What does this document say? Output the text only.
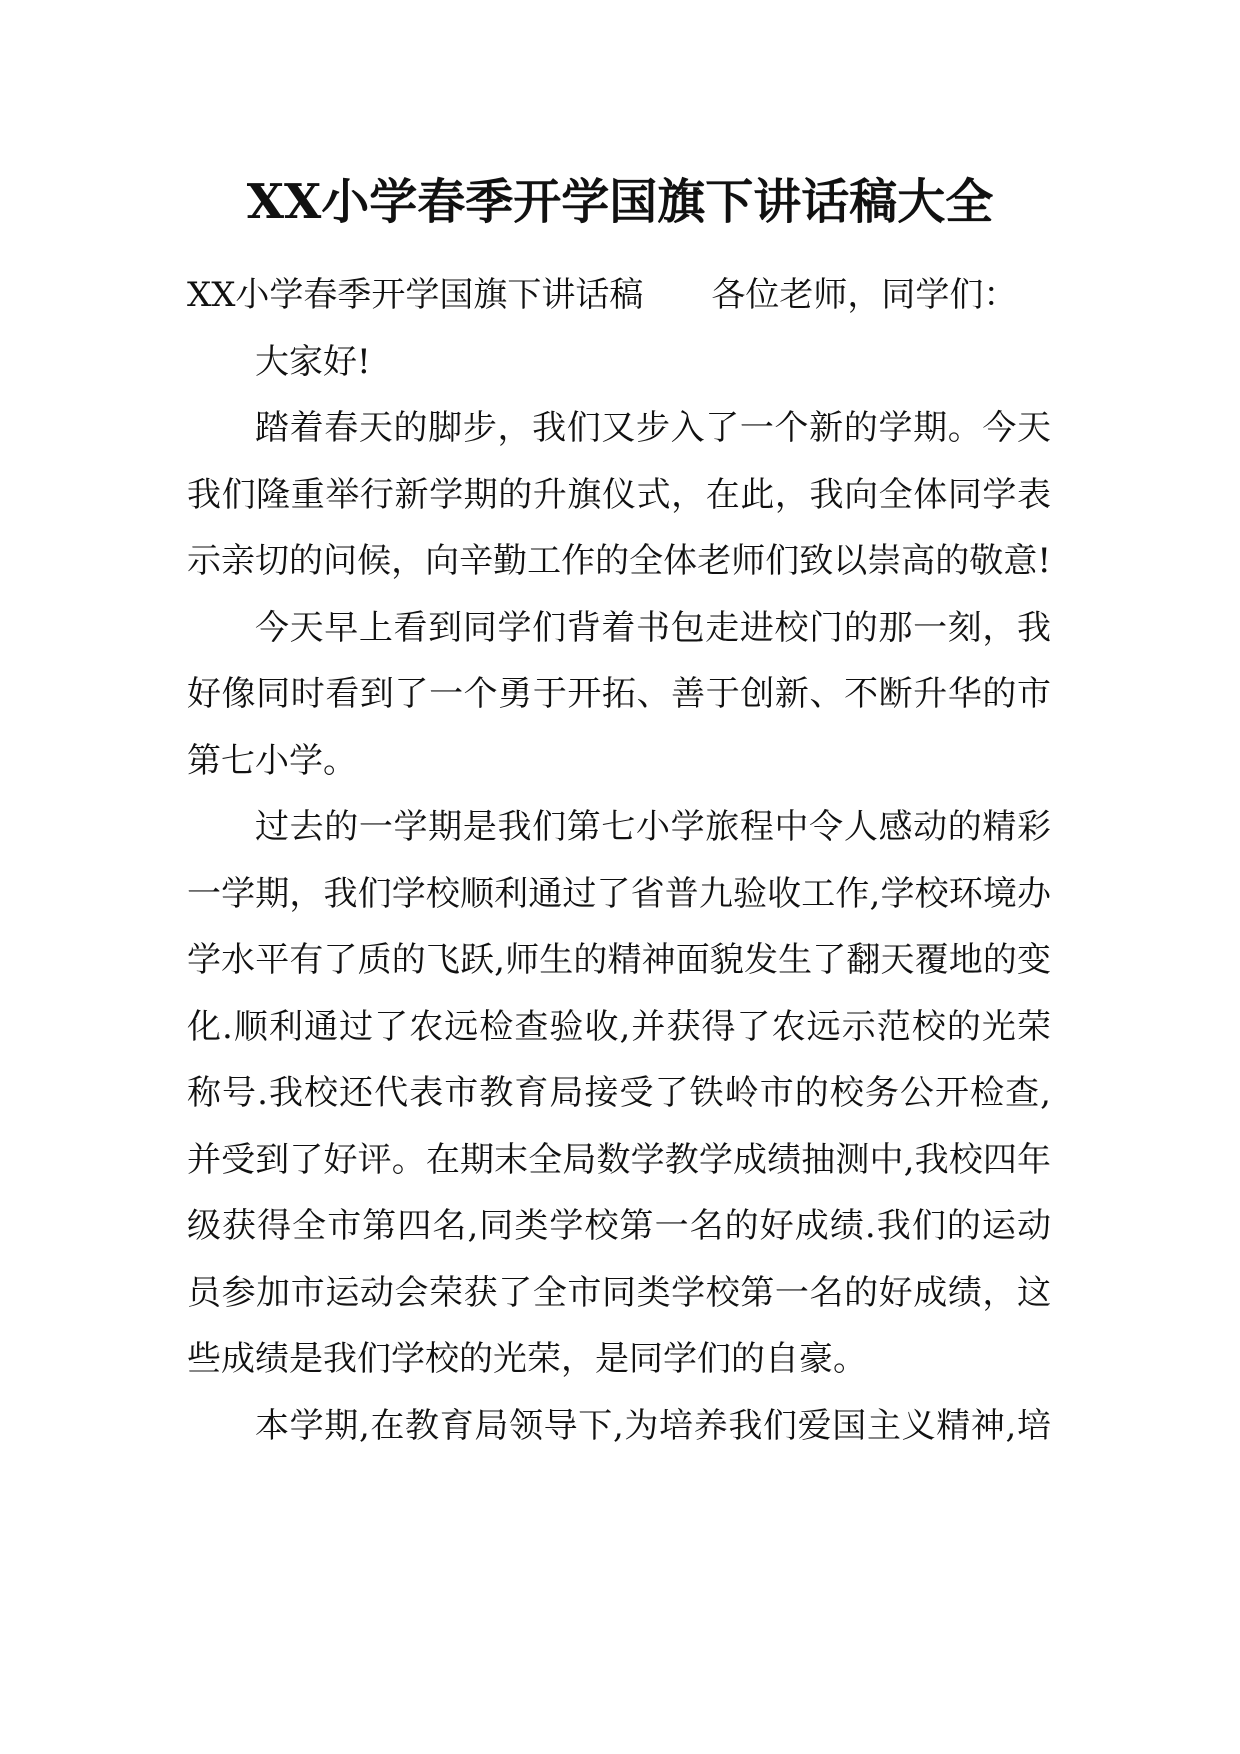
XX小学春季开学国旗下讲话稿大全
XX小学春季开学国旗下讲话稿 各位老师，同学们：
大家好!
踏着春天的脚步，我们又步入了一个新的学期。今天
我们隆重举行新学期的升旗仪式，在此，我向全体同学表
示亲切的问候，向辛勤工作的全体老师们致以崇高的敬意!
今天早上看到同学们背着书包走进校门的那一刻，我
好像同时看到了一个勇于开拓、善于创新、不断升华的市
第七小学。
过去的一学期是我们第七小学旅程中令人感动的精彩
一学期，我们学校顺利通过了省普九验收工作,学校环境办
学水平有了质的飞跃,师生的精神面貌发生了翻天覆地的变
化.顺利通过了农远检查验收,并获得了农远示范校的光荣
称号.我校还代表市教育局接受了铁岭市的校务公开检查,
并受到了好评。在期末全局数学教学成绩抽测中,我校四年
级获得全市第四名,同类学校第一名的好成绩.我们的运动
员参加市运动会荣获了全市同类学校第一名的好成绩，这
些成绩是我们学校的光荣，是同学们的自豪。
本学期,在教育局领导下,为培养我们爱国主义精神,培
